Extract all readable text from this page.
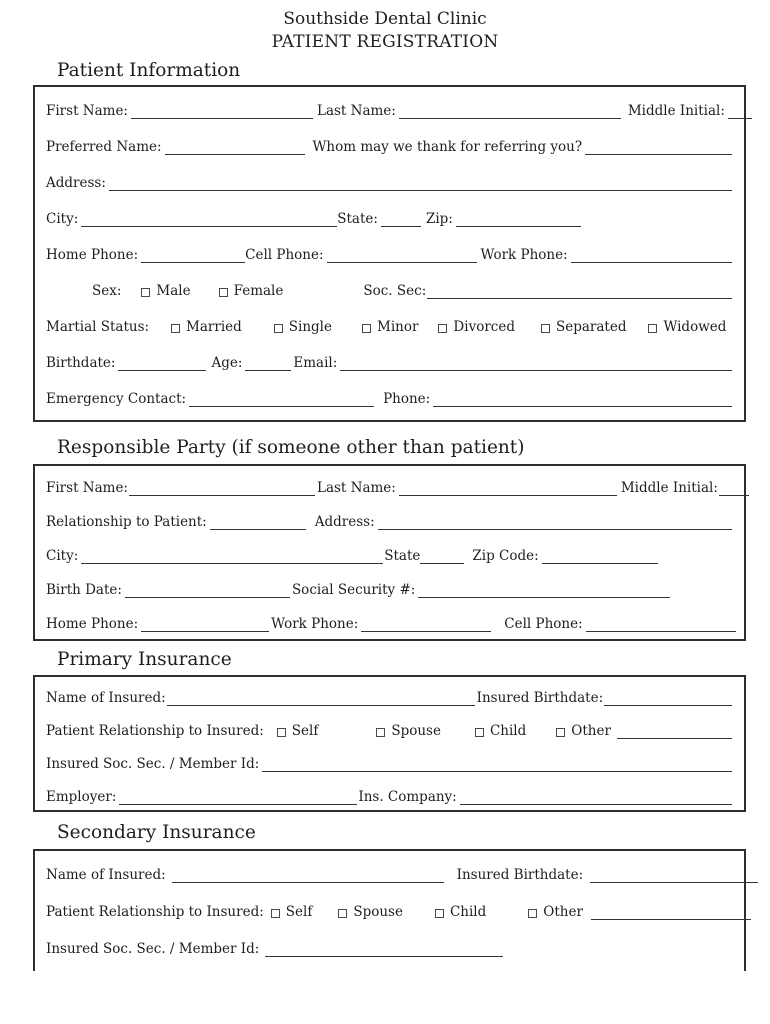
Southside Dental Clinic
PATIENT REGISTRATION
Patient Information
First Name:	Last Name:	Middle Initial:
Preferred Name:	Whom may we thank for referring you?
Address:
City:	State:	Zip:
Home Phone:	Cell Phone:	Work Phone:
Sex:	Male	Female	Soc. Sec:
Martial Status:	Married	Single	Minor	Divorced	Separated	Widowed
Birthdate:	Age:	Email:
Emergency Contact:	Phone:
Responsible Party (if someone other than patient)
First Name:	Last Name:	Middle Initial:
Relationship to Patient:	Address:
City:	State	Zip Code:
Birth Date:	Social Security #:
Home Phone:	Work Phone:	Cell Phone:
Primary Insurance
Name of Insured:	Insured Birthdate:
Patient Relationship to Insured: Self	Spouse	Child	Other
Insured Soc. Sec. / Member Id:
Employer:	Ins. Company:
Secondary Insurance
Name of Insured:	Insured Birthdate:
Patient Relationship to Insured: Self	Spouse	Child	Other
Insured Soc. Sec. / Member Id:
